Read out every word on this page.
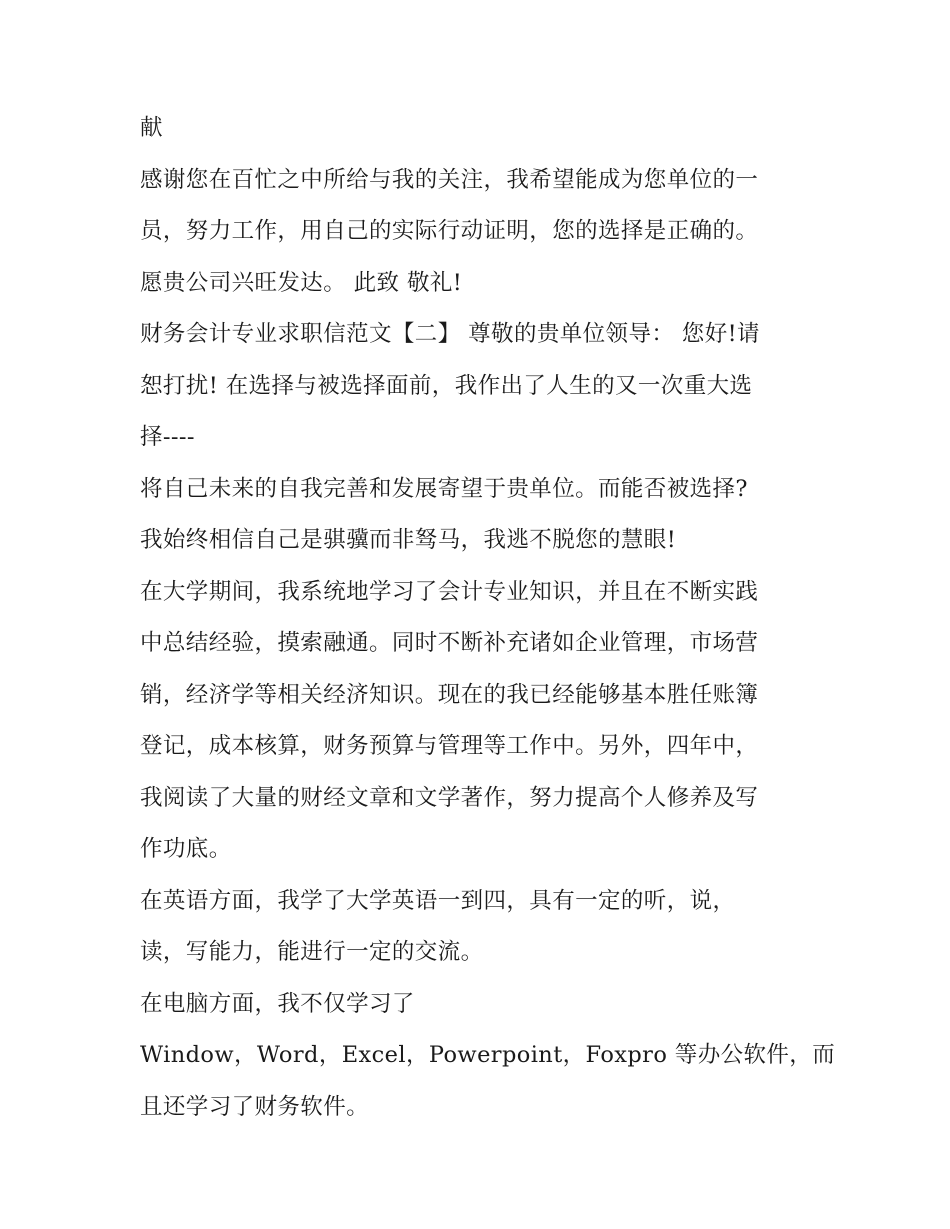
献
感谢您在百忙之中所给与我的关注，我希望能成为您单位的一
员，努力工作，用自己的实际行动证明，您的选择是正确的。
愿贵公司兴旺发达。 此致 敬礼!
财务会计专业求职信范文【二】 尊敬的贵单位领导： 您好!请
恕打扰! 在选择与被选择面前，我作出了人生的又一次重大选
择----
将自己未来的自我完善和发展寄望于贵单位。而能否被选择?
我始终相信自己是骐骥而非驽马，我逃不脱您的慧眼!
在大学期间，我系统地学习了会计专业知识，并且在不断实践
中总结经验，摸索融通。同时不断补充诸如企业管理，市场营
销，经济学等相关经济知识。现在的我已经能够基本胜任账簿
登记，成本核算，财务预算与管理等工作中。另外，四年中，
我阅读了大量的财经文章和文学著作，努力提高个人修养及写
作功底。
在英语方面，我学了大学英语一到四，具有一定的听，说，
读，写能力，能进行一定的交流。
在电脑方面，我不仅学习了
Window，Word，Excel，Powerpoint，Foxpro 等办公软件，而
且还学习了财务软件。
